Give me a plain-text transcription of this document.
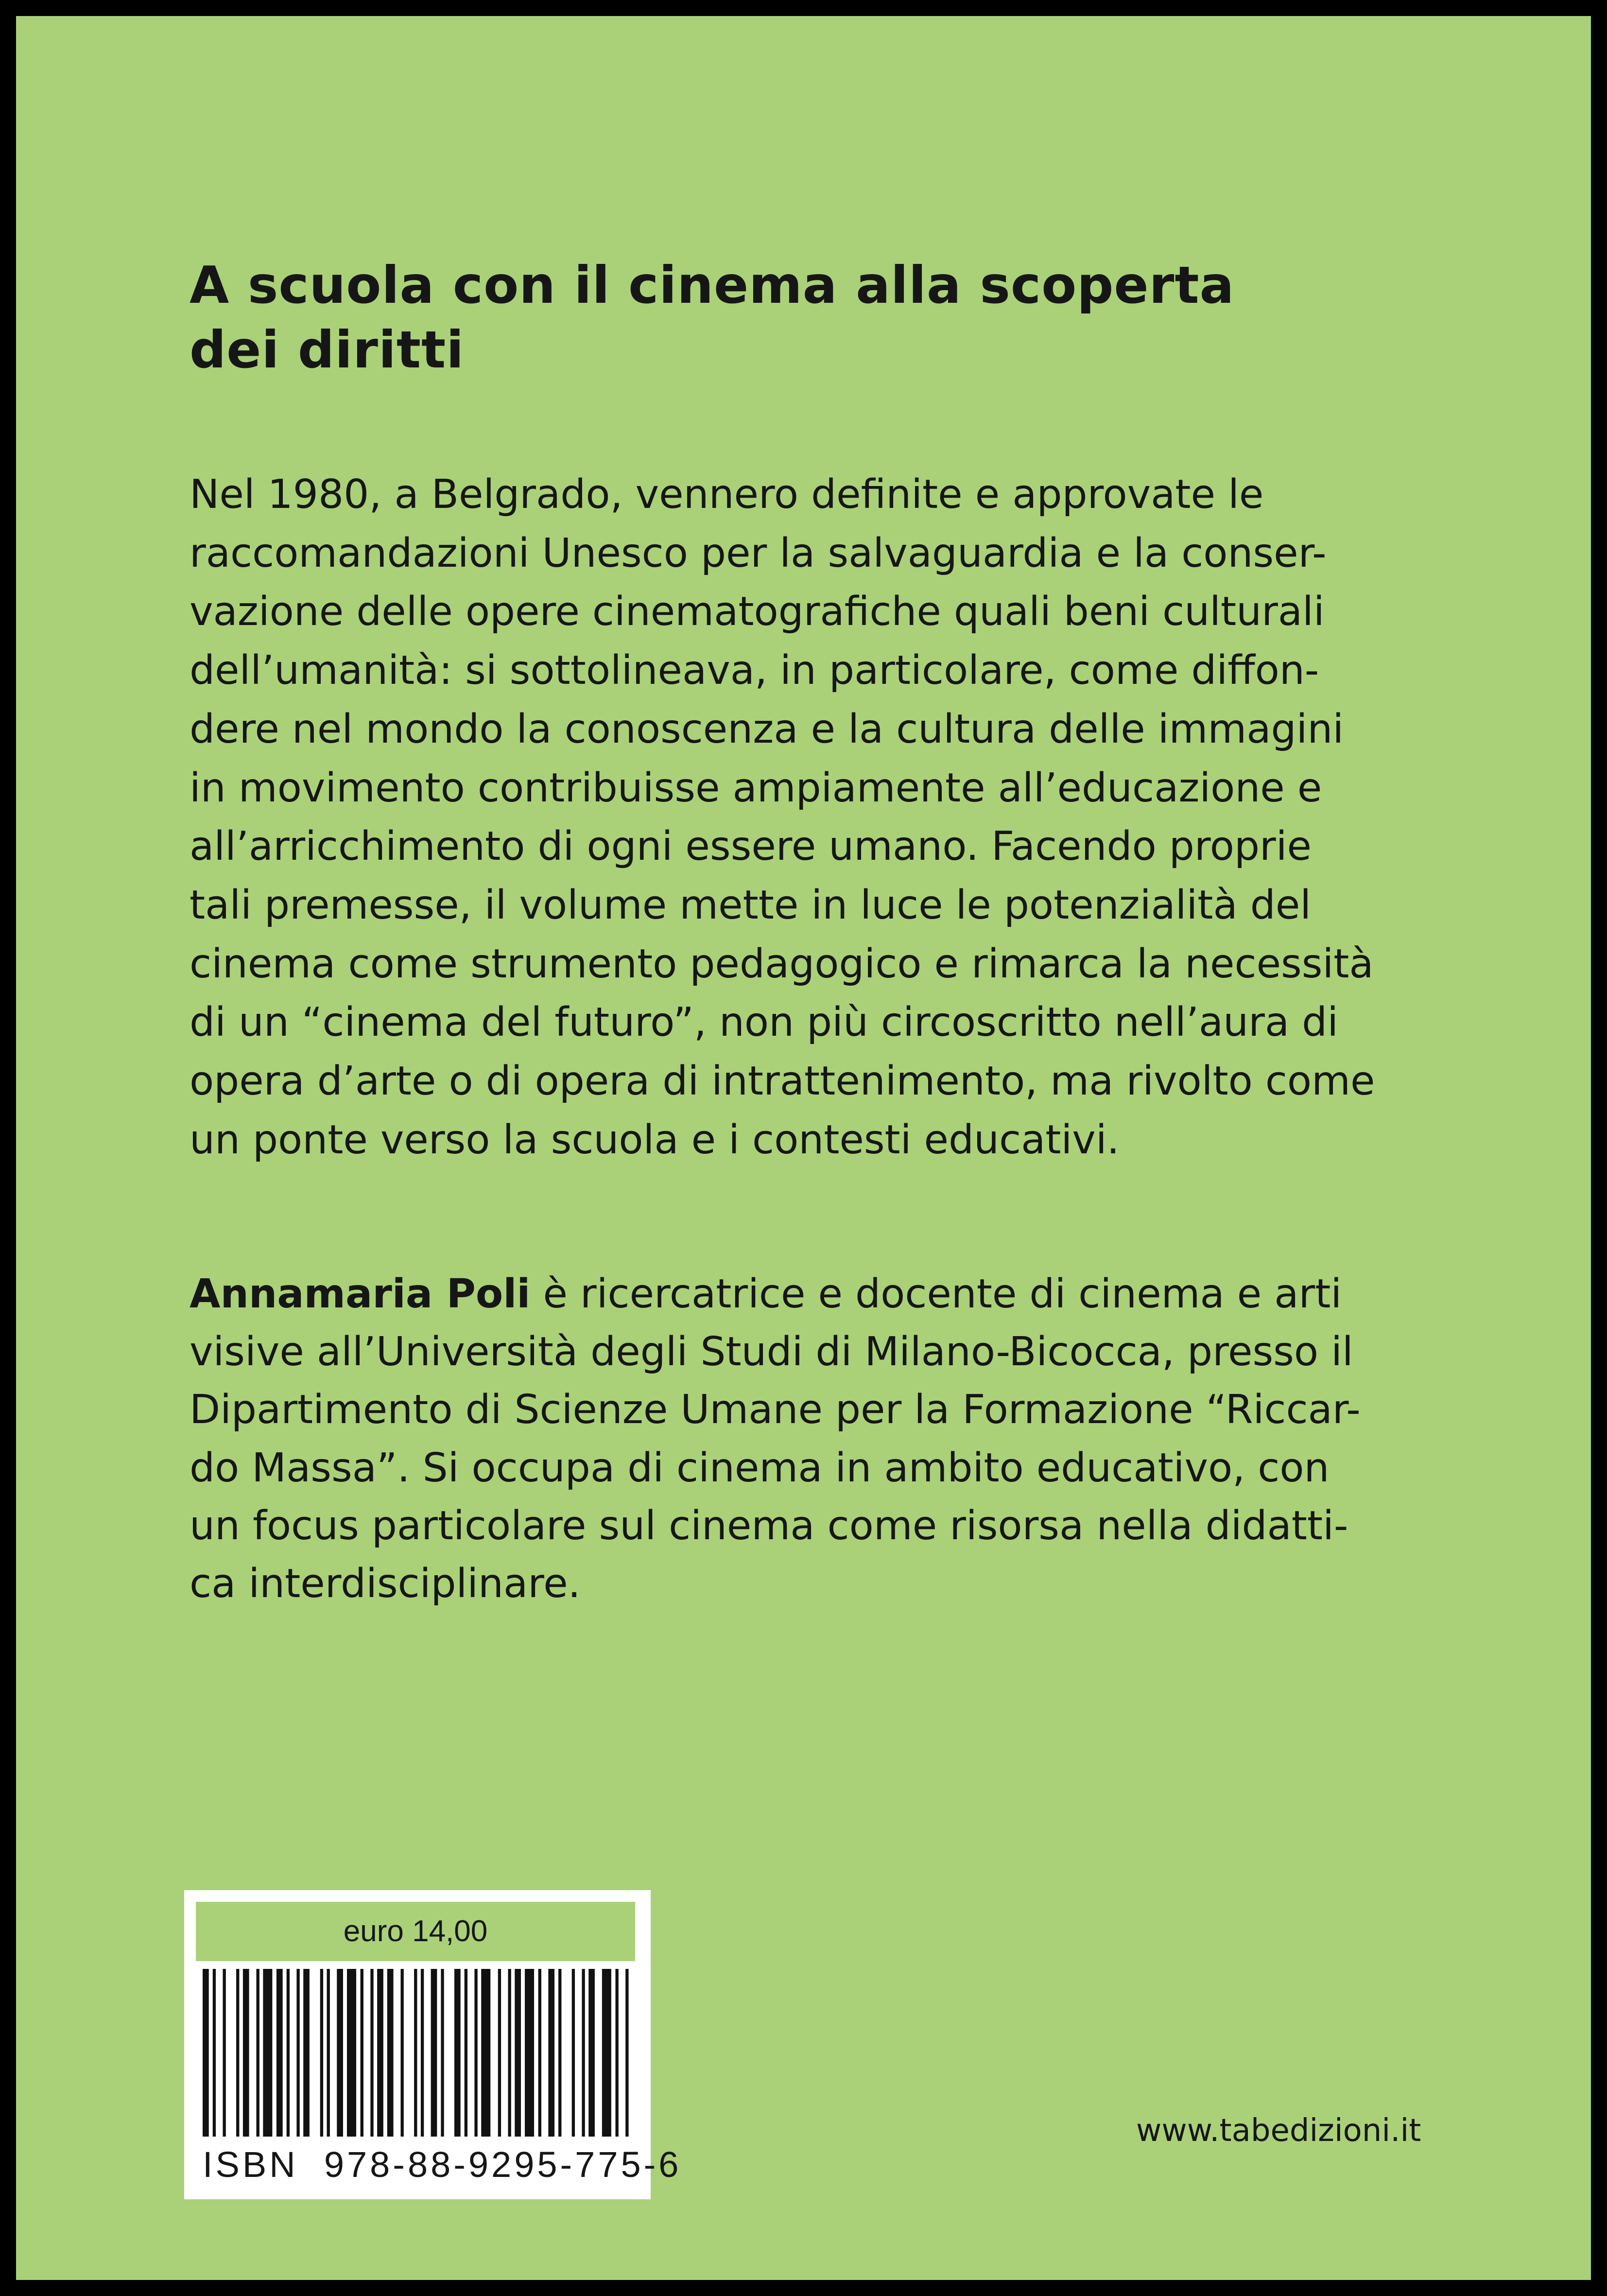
A scuola con il cinema alla scoperta
dei diritti

Nel 1980, a Belgrado, vennero definite e approvate le
raccomandazioni Unesco per la salvaguardia e la conser-
vazione delle opere cinematografiche quali beni culturali
dell’umanità: si sottolineava, in particolare, come diffon-
dere nel mondo la conoscenza e la cultura delle immagini
in movimento contribuisse ampiamente all’educazione e
all’arricchimento di ogni essere umano. Facendo proprie
tali premesse, il volume mette in luce le potenzialità del
cinema come strumento pedagogico e rimarca la necessità
di un “cinema del futuro”, non più circoscritto nell’aura di
opera d’arte o di opera di intrattenimento, ma rivolto come
un ponte verso la scuola e i contesti educativi.

Annamaria Poli è ricercatrice e docente di cinema e arti
visive all’Università degli Studi di Milano-Bicocca, presso il
Dipartimento di Scienze Umane per la Formazione “Riccar-
do Massa”. Si occupa di cinema in ambito educativo, con
un focus particolare sul cinema come risorsa nella didatti-
ca interdisciplinare.

euro 14,00
ISBN  978-88-9295-775-6
www.tabedizioni.it
